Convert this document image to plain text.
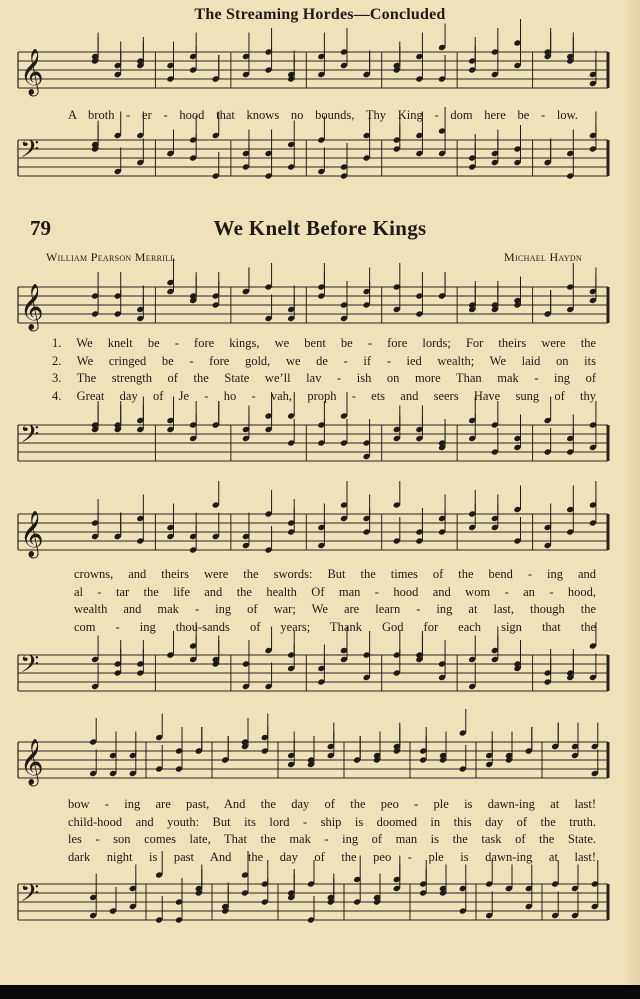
𝄞
𝄢
𝄞
𝄢
𝄞
𝄢
𝄞
𝄢
The Streaming Hordes—Concluded
A broth - er - hood that knows no bounds, Thy King - dom here be - low.
79	We Knelt Before Kings
William Pearson Merrill	Michael Haydn
1. We knelt be - fore kings, we bent be - fore lords; For theirs were the
2. We cringed be - fore gold, we de - if - ied wealth; We laid on its
3. The strength of the State we’ll lav - ish on more Than mak - ing of
4. Great day of Je - ho - vah, proph - ets and seers Have sung of thy
crowns, and theirs were the swords: But the times of the bend - ing and
al - tar the life and the health Of man - hood and wom - an - hood,
wealth and mak - ing of war; We are learn - ing at last, though the
com - ing thou-sands of years; Thank God for each sign that the
bow - ing are past, And the day of the peo - ple is dawn-ing at last!
child-hood and youth: But its lord - ship is doomed in this day of the truth.
les - son comes late, That the mak - ing of man is the task of the State.
dark night is past And the day of the peo - ple is dawn-ing at last!
